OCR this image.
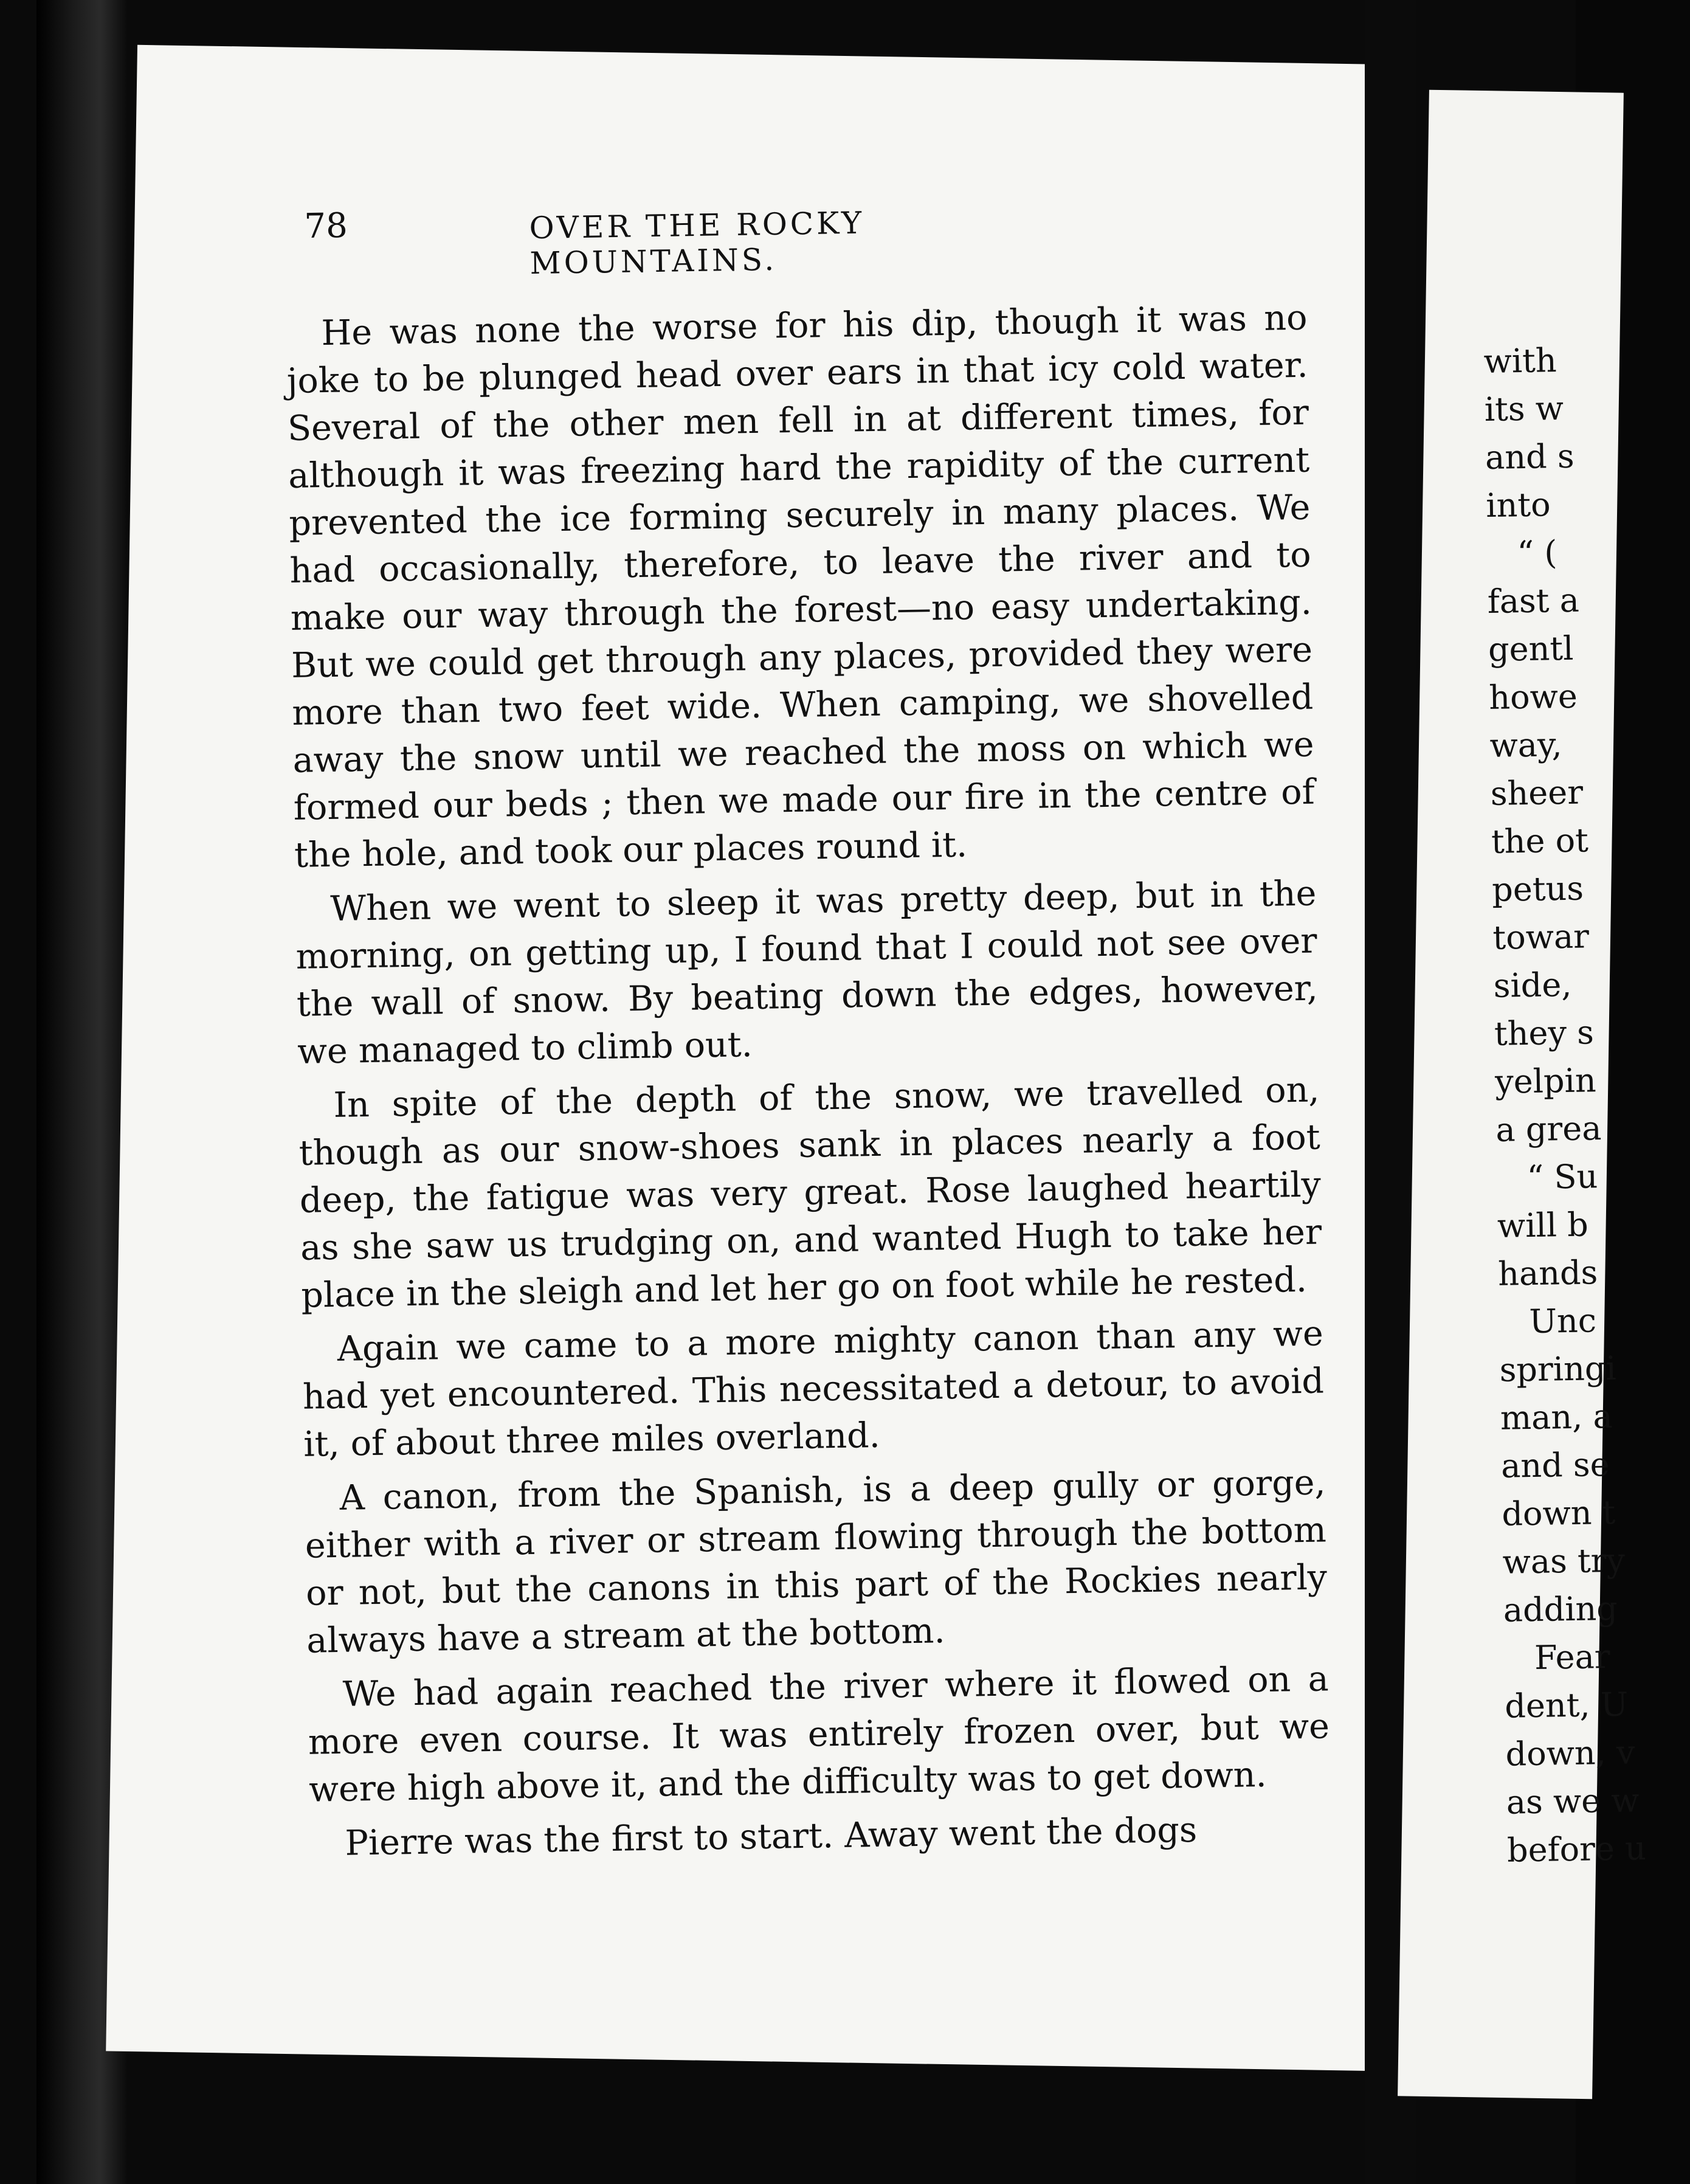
78	OVER THE ROCKY MOUNTAINS.

He was none the worse for his dip, though it was no joke to be plunged head over ears in that icy cold water. Several of the other men fell in at different times, for although it was freezing hard the rapidity of the current prevented the ice forming securely in many places. We had occasionally, therefore, to leave the river and to make our way through the forest—no easy undertaking. But we could get through any places, provided they were more than two feet wide. When camping, we shovelled away the snow until we reached the moss on which we formed our beds ; then we made our fire in the centre of the hole, and took our places round it.

When we went to sleep it was pretty deep, but in the morning, on getting up, I found that I could not see over the wall of snow. By beating down the edges, however, we managed to climb out.

In spite of the depth of the snow, we travelled on, though as our snow-shoes sank in places nearly a foot deep, the fatigue was very great. Rose laughed heartily as she saw us trudging on, and wanted Hugh to take her place in the sleigh and let her go on foot while he rested.

Again we came to a more mighty canon than any we had yet encountered. This necessitated a detour, to avoid it, of about three miles overland.

A canon, from the Spanish, is a deep gully or gorge, either with a river or stream flowing through the bottom or not, but the canons in this part of the Rockies nearly always have a stream at the bottom.

We had again reached the river where it flowed on a more even course. It was entirely frozen over, but we were high above it, and the difficulty was to get down.

Pierre was the first to start. Away went the dogs

with
its w
and s
into
“ (
fast a
gentl
howe
way,
sheer
the ot
petus
towar
side,
they s
yelpin
a grea
“ Su
will b
hands
Unc
springi
man, a
and se
down t
was try
adding
Fear
dent, U
down, v
as we w
before u
